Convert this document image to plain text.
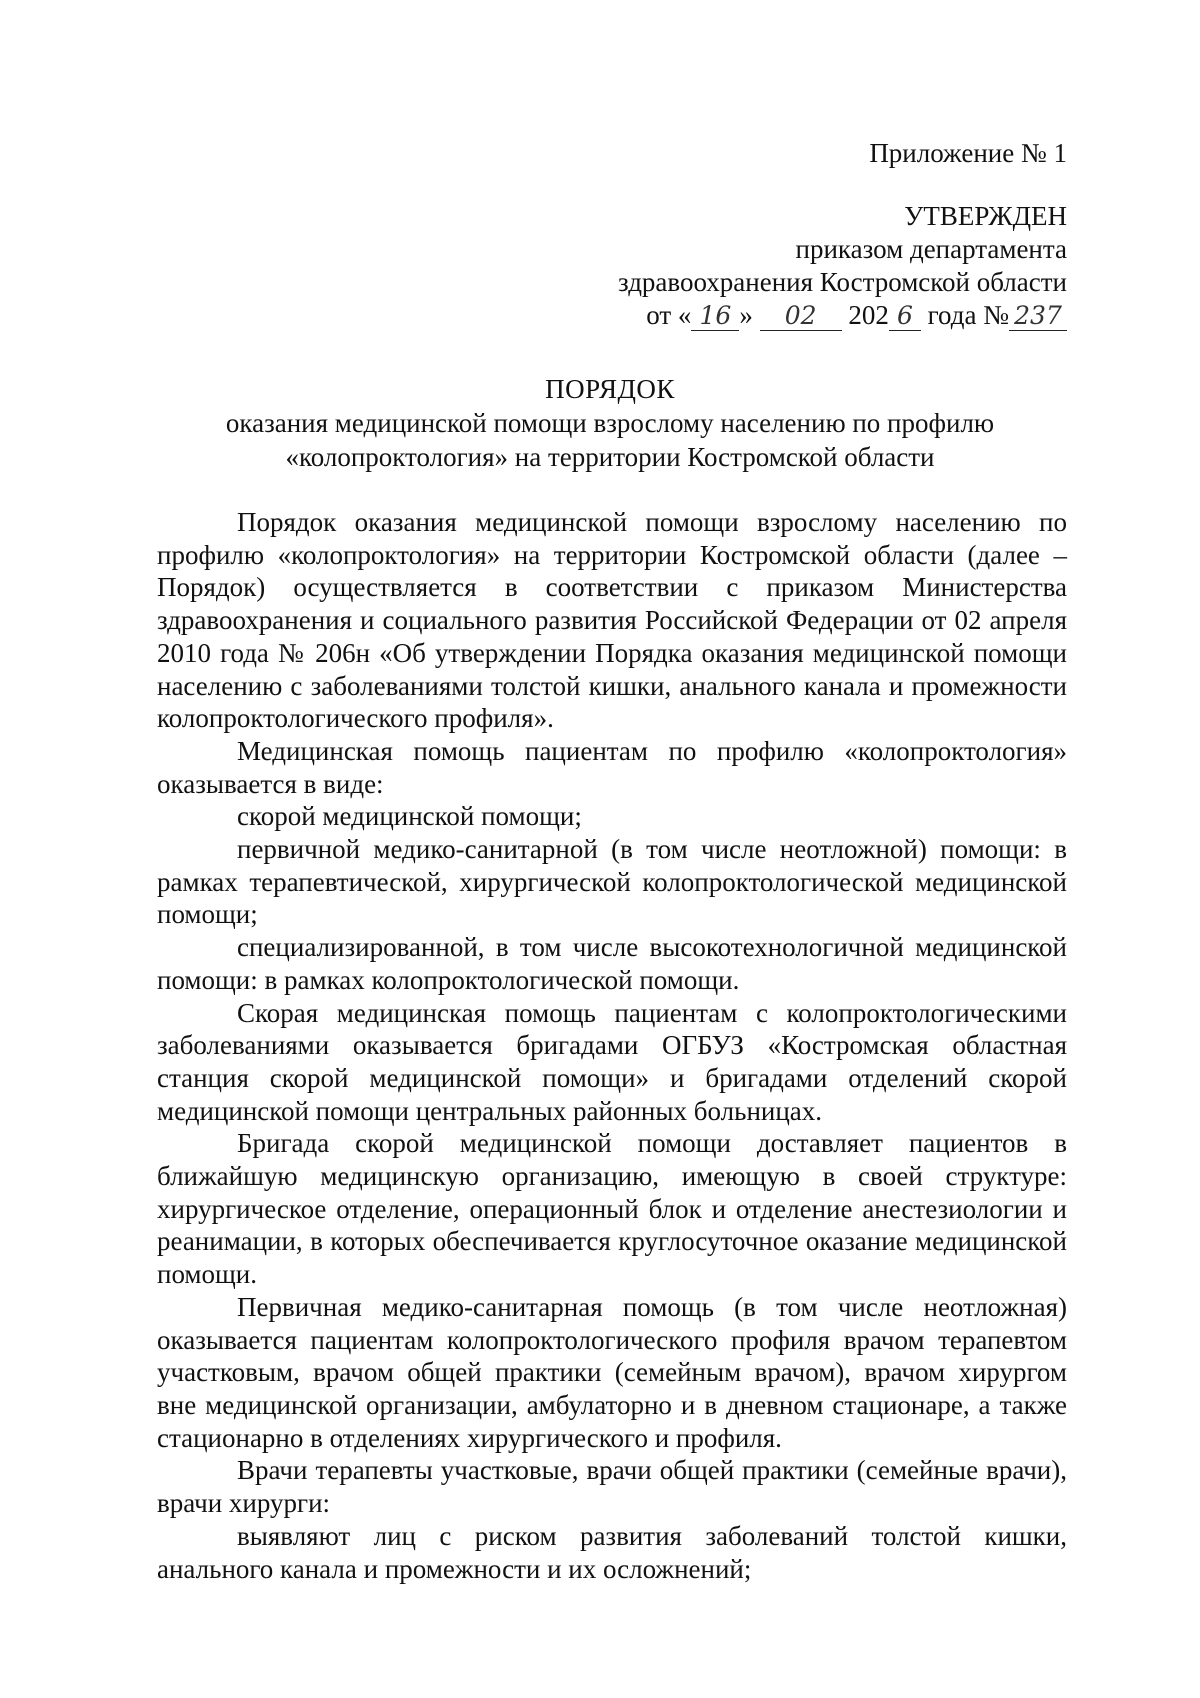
Приложение № 1
УТВЕРЖДЕН
приказом департамента
здравоохранения Костромской области
от « 16 » 02 202 6 года № 237
ПОРЯДОК
оказания медицинской помощи взрослому населению по профилю
«колопроктология» на территории Костромской области

Порядок оказания медицинской помощи взрослому населению по профилю «колопроктология» на территории Костромской области (далее – Порядок) осуществляется в соответствии с приказом Министерства здравоохранения и социального развития Российской Федерации от 02 апреля 2010 года № 206н «Об утверждении Порядка оказания медицинской помощи населению с заболеваниями толстой кишки, анального канала и промежности колопроктологического профиля».

Медицинская помощь пациентам по профилю «колопроктология» оказывается в виде:

скорой медицинской помощи;

первичной медико-санитарной (в том числе неотложной) помощи: в рамках терапевтической, хирургической колопроктологической медицинской помощи;

специализированной, в том числе высокотехнологичной медицинской помощи: в рамках колопроктологической помощи.

Скорая медицинская помощь пациентам с колопроктологическими заболеваниями оказывается бригадами ОГБУЗ «Костромская областная станция скорой медицинской помощи» и бригадами отделений скорой медицинской помощи центральных районных больницах.

Бригада скорой медицинской помощи доставляет пациентов в ближайшую медицинскую организацию, имеющую в своей структуре: хирургическое отделение, операционный блок и отделение анестезиологии и реанимации, в которых обеспечивается круглосуточное оказание медицинской помощи.

Первичная медико-санитарная помощь (в том числе неотложная) оказывается пациентам колопроктологического профиля врачом терапевтом участковым, врачом общей практики (семейным врачом), врачом хирургом вне медицинской организации, амбулаторно и в дневном стационаре, а также стационарно в отделениях хирургического и профиля.

Врачи терапевты участковые, врачи общей практики (семейные врачи), врачи хирурги:

выявляют лиц с риском развития заболеваний толстой кишки, анального канала и промежности и их осложнений;
